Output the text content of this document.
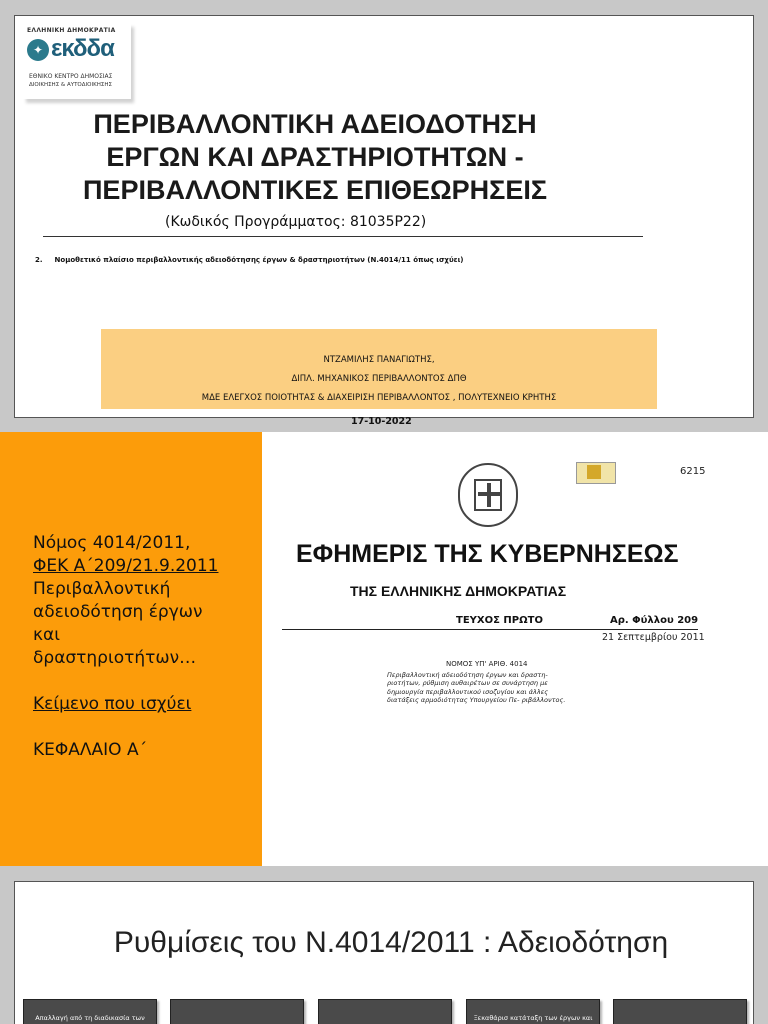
ΕΛΛΗΝΙΚΗ ΔΗΜΟΚΡΑΤΙΑ
✦ εκδδα
ΕΘΝΙΚΟ ΚΕΝΤΡΟ ΔΗΜΟΣΙΑΣ
ΔΙΟΙΚΗΣΗΣ & ΑΥΤΟΔΙΟΙΚΗΣΗΣ
ΠΕΡΙΒΑΛΛΟΝΤΙΚΗ ΑΔΕΙΟΔΟΤΗΣΗ
ΕΡΓΩΝ ΚΑΙ ΔΡΑΣΤΗΡΙΟΤΗΤΩΝ -
ΠΕΡΙΒΑΛΛΟΝΤΙΚΕΣ ΕΠΙΘΕΩΡΗΣΕΙΣ
(Κωδικός Προγράμματος: 81035Ρ22)
2. Νομοθετικό πλαίσιο περιβαλλοντικής αδειοδότησης έργων & δραστηριοτήτων (Ν.4014/11 όπως ισχύει)
ΝΤΖΑΜΙΛΗΣ ΠΑΝΑΓΙΩΤΗΣ,
ΔΙΠΛ. ΜΗΧΑΝΙΚΟΣ ΠΕΡΙΒΑΛΛΟΝΤΟΣ ΔΠΘ
ΜΔΕ ΕΛΕΓΧΟΣ ΠΟΙΟΤΗΤΑΣ & ΔΙΑΧΕΙΡΙΣΗ ΠΕΡΙΒΑΛΛΟΝΤΟΣ , ΠΟΛΥΤΕΧΝΕΙΟ ΚΡΗΤΗΣ
17-10-2022
Νόμος 4014/2011,
ΦΕΚ Α΄209/21.9.2011
Περιβαλλοντική
αδειοδότηση έργων
και
δραστηριοτήτων…
Κείμενο που ισχύει
ΚΕΦΑΛΑΙΟ Α΄
6215
ΕΦΗΜΕΡΙΣ ΤΗΣ ΚΥΒΕΡΝΗΣΕΩΣ
ΤΗΣ ΕΛΛΗΝΙΚΗΣ ΔΗΜΟΚΡΑΤΙΑΣ
ΤΕΥΧΟΣ ΠΡΩΤΟ	Αρ. Φύλλου 209
21 Σεπτεμβρίου 2011
ΝΟΜΟΣ ΥΠ' ΑΡΙΘ. 4014
Περιβαλλοντική αδειοδότηση έργων και δραστη- ριοτήτων, ρύθμιση αυθαιρέτων σε συνάρτηση με δημιουργία περιβαλλοντικού ισοζυγίου και άλλες διατάξεις αρμοδιότητας Υπουργείου Πε- ριβάλλοντος.
Ρυθμίσεις του Ν.4014/2011 : Αδειοδότηση
Απαλλαγή από τη διαδικασία των	Ξεκαθάρισ κατάταξη των έργων και
